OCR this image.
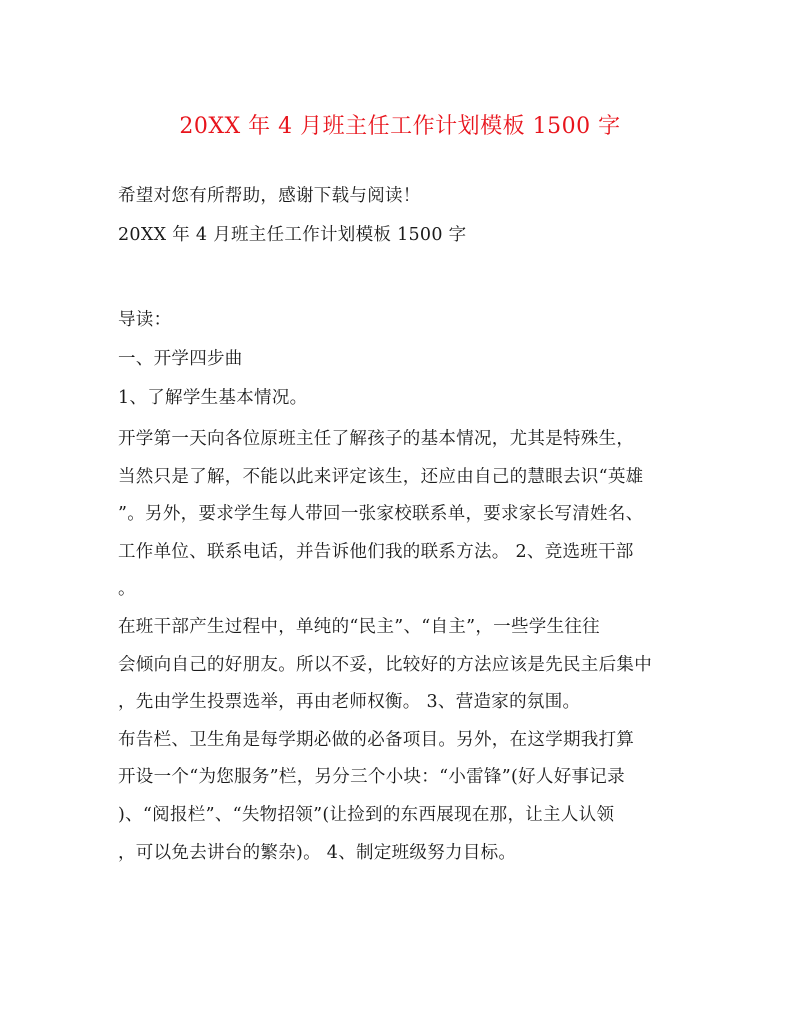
20XX 年 4 月班主任工作计划模板 1500 字
希望对您有所帮助，感谢下载与阅读！
20XX 年 4 月班主任工作计划模板 1500 字
导读：
一、开学四步曲
1、了解学生基本情况。
开学第一天向各位原班主任了解孩子的基本情况，尤其是特殊生，
当然只是了解，不能以此来评定该生，还应由自己的慧眼去识“英雄
”。另外，要求学生每人带回一张家校联系单，要求家长写清姓名、
工作单位、联系电话，并告诉他们我的联系方法。 2、竞选班干部
。
在班干部产生过程中，单纯的“民主”、“自主”，一些学生往往
会倾向自己的好朋友。所以不妥，比较好的方法应该是先民主后集中
，先由学生投票选举，再由老师权衡。 3、营造家的氛围。
布告栏、卫生角是每学期必做的必备项目。另外，在这学期我打算
开设一个“为您服务”栏，另分三个小块：“小雷锋”(好人好事记录
)、“阅报栏”、“失物招领”(让捡到的东西展现在那，让主人认领
，可以免去讲台的繁杂)。 4、制定班级努力目标。
